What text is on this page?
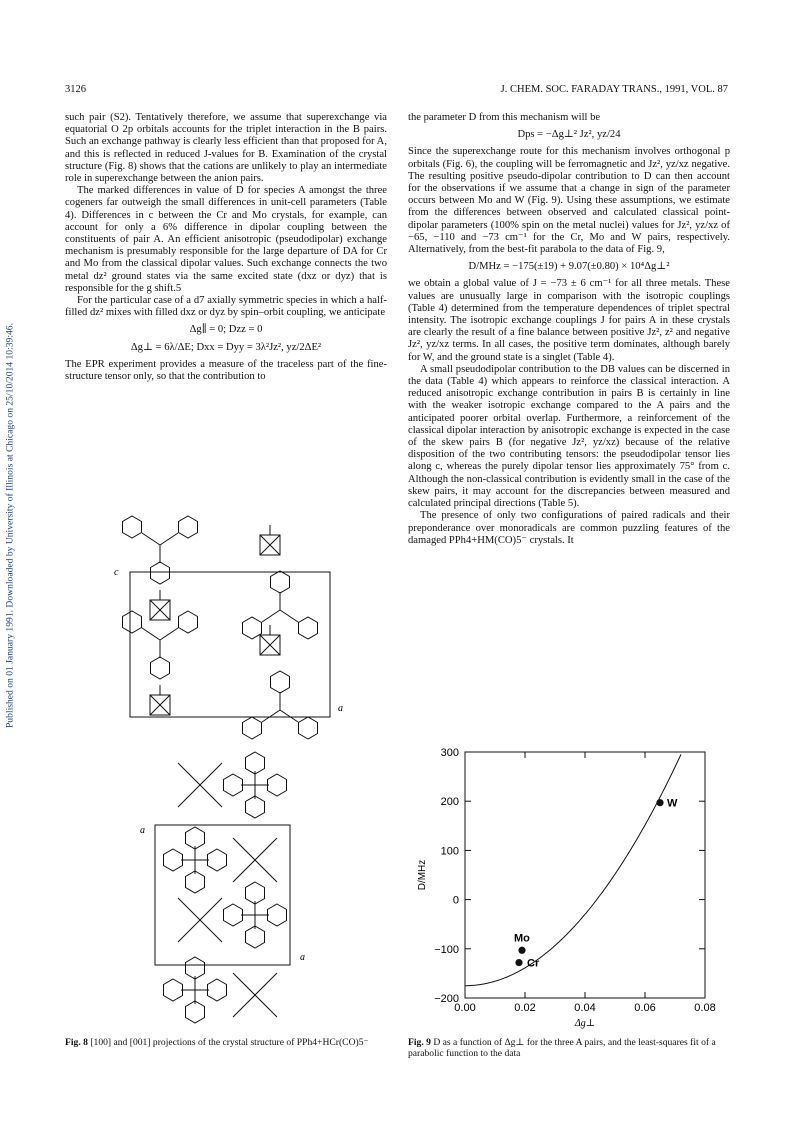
Published on 01 January 1991. Downloaded by University of Illinois at Chicago on 25/10/2014 10:39:46.
3126	J. CHEM. SOC. FARADAY TRANS., 1991, VOL. 87

such pair (S2). Tentatively therefore, we assume that superexchange via equatorial O 2p orbitals accounts for the triplet interaction in the B pairs. Such an exchange pathway is clearly less efficient than that proposed for A, and this is reflected in reduced J-values for B. Examination of the crystal structure (Fig. 8) shows that the cations are unlikely to play an intermediate role in superexchange between the anion pairs.

The marked differences in value of D for species A amongst the three cogeners far outweigh the small differences in unit-cell parameters (Table 4). Differences in c between the Cr and Mo crystals, for example, can account for only a 6% difference in dipolar coupling between the constituents of pair A. An efficient anisotropic (pseudodipolar) exchange mechanism is presumably responsible for the large departure of DA for Cr and Mo from the classical dipolar values. Such exchange connects the two metal dz² ground states via the same excited state (dxz or dyz) that is responsible for the g shift.5

For the particular case of a d7 axially symmetric species in which a half-filled dz² mixes with filled dxz or dyz by spin–orbit coupling, we anticipate

Δg∥ = 0; Dzz = 0
Δg⊥ = 6λ/ΔE; Dxx = Dyy = 3λ²Jz², yz/2ΔE²

The EPR experiment provides a measure of the traceless part of the fine-structure tensor only, so that the contribution to

the parameter D from this mechanism will be

Dps = −Δg⊥² Jz², yz/24

Since the superexchange route for this mechanism involves orthogonal p orbitals (Fig. 6), the coupling will be ferromagnetic and Jz², yz/xz negative. The resulting positive pseudo-dipolar contribution to D can then account for the observations if we assume that a change in sign of the parameter occurs between Mo and W (Fig. 9). Using these assumptions, we estimate from the differences between observed and calculated classical point-dipolar parameters (100% spin on the metal nuclei) values for Jz², yz/xz of −65, −110 and −73 cm⁻¹ for the Cr, Mo and W pairs, respectively. Alternatively, from the best-fit parabola to the data of Fig. 9,

D/MHz = −175(±19) + 9.07(±0.80) × 10⁴Δg⊥²

we obtain a global value of J = −73 ± 6 cm⁻¹ for all three metals. These values are unusually large in comparison with the isotropic couplings (Table 4) determined from the temperature dependences of triplet spectral intensity. The isotropic exchange couplings J for pairs A in these crystals are clearly the result of a fine balance between positive Jz², z² and negative Jz², yz/xz terms. In all cases, the positive term dominates, although barely for W, and the ground state is a singlet (Table 4).

A small pseudodipolar contribution to the DB values can be discerned in the data (Table 4) which appears to reinforce the classical interaction. A reduced anisotropic exchange contribution in pairs B is certainly in line with the weaker isotropic exchange compared to the A pairs and the anticipated poorer orbital overlap. Furthermore, a reinforcement of the classical dipolar interaction by anisotropic exchange is expected in the case of the skew pairs B (for negative Jz², yz/xz) because of the relative disposition of the two contributing tensors: the pseudodipolar tensor lies along c, whereas the purely dipolar tensor lies approximately 75° from c. Although the non-classical contribution is evidently small in the case of the skew pairs, it may account for the discrepancies between measured and calculated principal directions (Table 5).

The presence of only two configurations of paired radicals and their preponderance over monoradicals are common puzzling features of the damaged PPh4+HM(CO)5⁻ crystals. It

c
a
a
a
Fig. 8 [100] and [001] projections of the crystal structure of PPh4+HCr(CO)5⁻
0.00	0.02	0.04	0.06	0.08
300
200
100
0
−100
−200
Δg⊥
D/MHz
Cr
Mo
W
Fig. 9 D as a function of Δg⊥ for the three A pairs, and the least-squares fit of a parabolic function to the data
